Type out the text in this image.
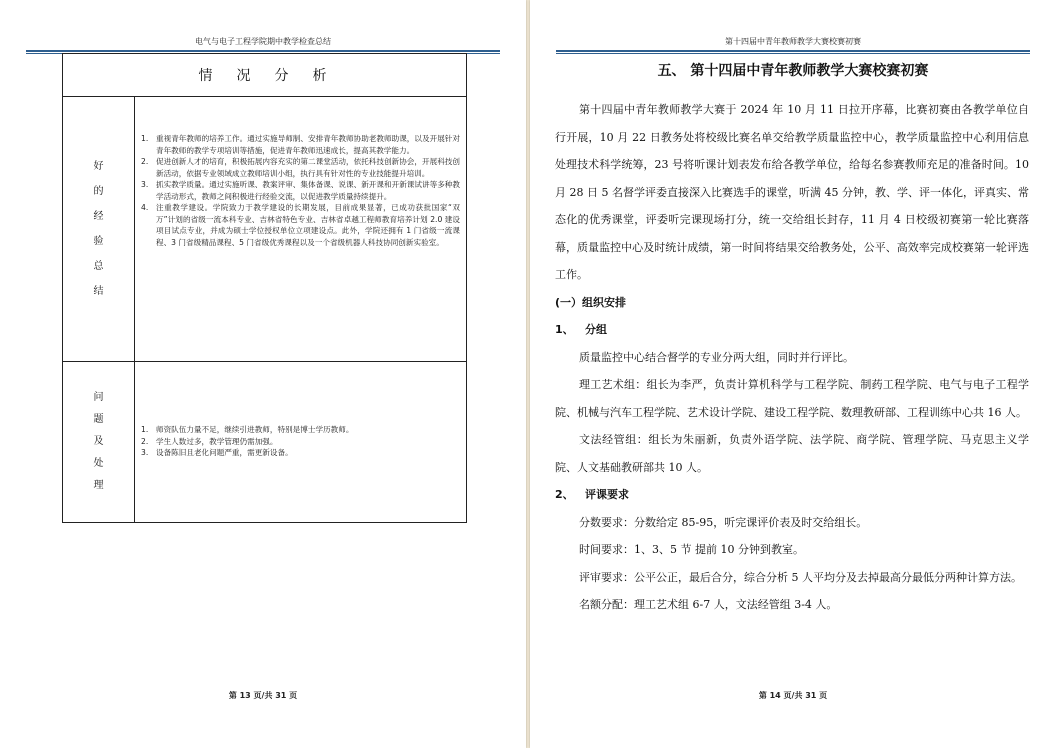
电气与电子工程学院期中教学检查总结
情况分析
好
的
经
验
总
结
1.	重视青年教师的培养工作。通过实施导师制、安排青年教师协助老教师助课，以及开展针对青年教师的教学专项培训等措施，促进青年教师迅速成长，提高其教学能力。
2.	促进创新人才的培育，积极拓展内容充实的第二课堂活动，依托科技创新协会，开展科技创新活动，依据专业领域成立教师培训小组，执行具有针对性的专业技能提升培训。
3.	抓实教学质量。通过实施听课、教案评审、集体备课、说课、新开课和开新课试讲等多种教学活动形式，教师之间积极进行经验交流，以促进教学质量持续提升。
4.	注重教学建设。学院致力于教学建设的长期发展，目前成果显著，已成功获批国家“双万”计划的省级一流本科专业、吉林省特色专业、吉林省卓越工程师教育培养计划 2.0 建设项目试点专业，并成为硕士学位授权单位立项建设点。此外，学院还拥有 1 门省级一流课程、3 门省级精品课程、5 门省级优秀课程以及一个省级机器人科技协同创新实验室。
问
题
及
处
理
1.	师资队伍力量不足，继续引进教师，特别是博士学历教师。
2.	学生人数过多，教学管理仍需加强。
3.	设备陈旧且老化问题严重，需更新设备。
第 13 页/共 31 页
第十四届中青年教师教学大赛校赛初赛
五、 第十四届中青年教师教学大赛校赛初赛

第十四届中青年教师教学大赛于 2024 年 10 月 11 日拉开序幕，比赛初赛由各教学单位自行开展，10 月 22 日教务处将校级比赛名单交给教学质量监控中心，教学质量监控中心利用信息处理技术科学统筹，23 号将听课计划表发布给各教学单位，给每名参赛教师充足的准备时间。10 月 28 日 5 名督学评委直接深入比赛选手的课堂，听满 45 分钟，教、学、评一体化，评真实、常态化的优秀课堂，评委听完课现场打分，统一交给组长封存，11 月 4 日校级初赛第一轮比赛落幕，质量监控中心及时统计成绩，第一时间将结果交给教务处，公平、高效率完成校赛第一轮评选工作。

(一）组织安排

1、 分组

质量监控中心结合督学的专业分两大组，同时并行评比。

理工艺术组：组长为李严，负责计算机科学与工程学院、制药工程学院、电气与电子工程学院、机械与汽车工程学院、艺术设计学院、建设工程学院、数理教研部、工程训练中心共 16 人。

文法经管组：组长为朱丽新，负责外语学院、法学院、商学院、管理学院、马克思主义学院、人文基础教研部共 10 人。

2、 评课要求

分数要求：分数给定 85-95，听完课评价表及时交给组长。

时间要求：1、3、5 节 提前 10 分钟到教室。

评审要求：公平公正，最后合分，综合分析 5 人平均分及去掉最高分最低分两种计算方法。

名额分配：理工艺术组 6-7 人，文法经管组 3-4 人。

第 14 页/共 31 页
